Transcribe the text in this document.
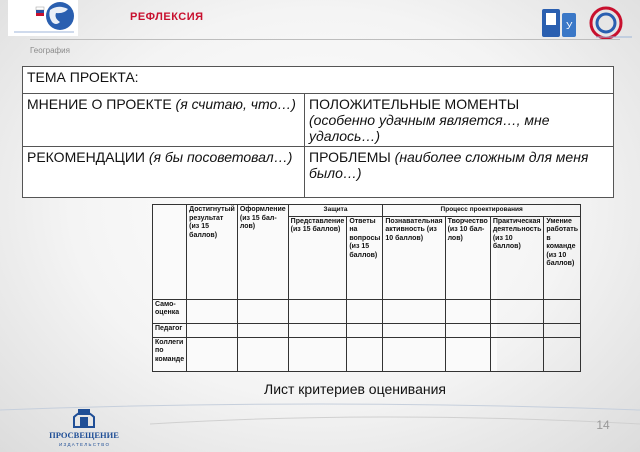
РЕФЛЕКСИЯ
У
География
ТЕМА ПРОЕКТА:	
МНЕНИЕ О ПРОЕКТЕ (я считаю, что…)	ПОЛОЖИТЕЛЬНЫЕ МОМЕНТЫ
(особенно удачным является…, мне удалось…)
РЕКОМЕНДАЦИИ (я бы посоветовал…)	ПРОБЛЕМЫ (наиболее сложным для меня было…)
	Достигнутый результат (из 15 баллов)	Оформление (из 15 бал-лов)	Защита		Процесс проектирования			
			Представление (из 15 баллов)	Ответы на вопросы (из 15 баллов)	Познавательная активность (из 10 баллов)	Творчество (из 10 бал-лов)	Практическая деятельность (из 10 баллов)	Умение работать в команде (из 10 баллов)
Само-оценка								
Педагог								
Коллеги по команде								
Лист критериев оценивания
ПРОСВЕЩЕНИЕ
И З Д А Т Е Л Ь С Т В О
14
